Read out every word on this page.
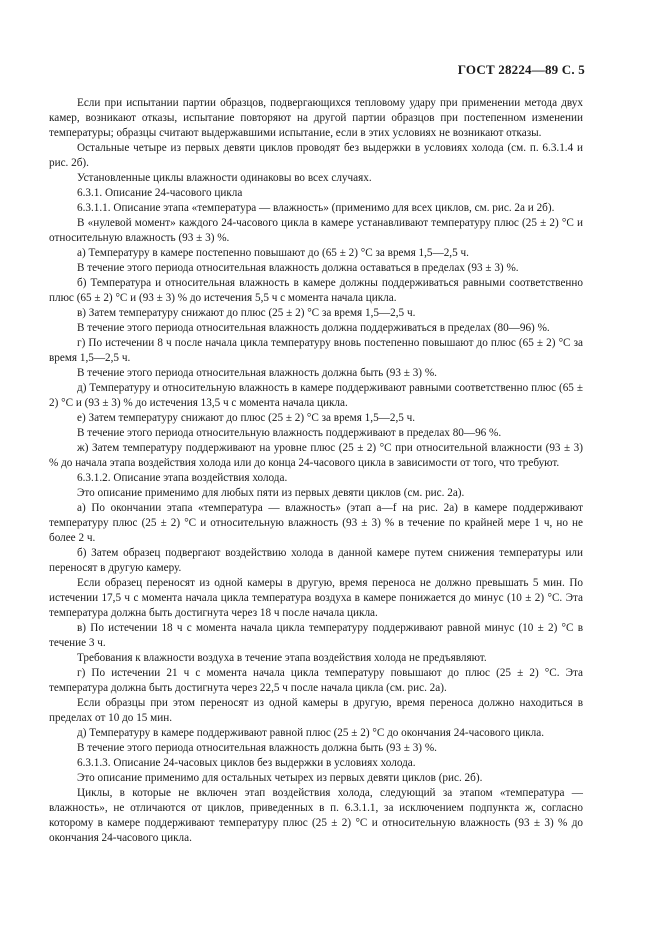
ГОСТ 28224—89 С. 5

Если при испытании партии образцов, подвергающихся тепловому удару при применении метода двух камер, возникают отказы, испытание повторяют на другой партии образцов при постепенном изменении температуры; образцы считают выдержавшими испытание, если в этих условиях не возникают отказы.

Остальные четыре из первых девяти циклов проводят без выдержки в условиях холода (см. п. 6.3.1.4 и рис. 2б).

Установленные циклы влажности одинаковы во всех случаях.

6.3.1. Описание 24-часового цикла

6.3.1.1. Описание этапа «температура — влажность» (применимо для всех циклов, см. рис. 2а и 2б).

В «нулевой момент» каждого 24-часового цикла в камере устанавливают температуру плюс (25 ± 2) °С и относительную влажность (93 ± 3) %.

а) Температуру в камере постепенно повышают до (65 ± 2) °С за время 1,5—2,5 ч.

В течение этого периода относительная влажность должна оставаться в пределах (93 ± 3) %.

б) Температура и относительная влажность в камере должны поддерживаться равными соответственно плюс (65 ± 2) °С и (93 ± 3) % до истечения 5,5 ч с момента начала цикла.

в) Затем температуру снижают до плюс (25 ± 2) °С за время 1,5—2,5 ч.

В течение этого периода относительная влажность должна поддерживаться в пределах (80—96) %.

г) По истечении 8 ч после начала цикла температуру вновь постепенно повышают до плюс (65 ± 2) °С за время 1,5—2,5 ч.

В течение этого периода относительная влажность должна быть (93 ± 3) %.

д) Температуру и относительную влажность в камере поддерживают равными соответственно плюс (65 ± 2) °С и (93 ± 3) % до истечения 13,5 ч с момента начала цикла.

е) Затем температуру снижают до плюс (25 ± 2) °С за время 1,5—2,5 ч.

В течение этого периода относительную влажность поддерживают в пределах 80—96 %.

ж) Затем температуру поддерживают на уровне плюс (25 ± 2) °С при относительной влажности (93 ± 3) % до начала этапа воздействия холода или до конца 24-часового цикла в зависимости от того, что требуют.

6.3.1.2. Описание этапа воздействия холода.

Это описание применимо для любых пяти из первых девяти циклов (см. рис. 2а).

а) По окончании этапа «температура — влажность» (этап a—f на рис. 2а) в камере поддерживают температуру плюс (25 ± 2) °С и относительную влажность (93 ± 3) % в течение по крайней мере 1 ч, но не более 2 ч.

б) Затем образец подвергают воздействию холода в данной камере путем снижения температуры или переносят в другую камеру.

Если образец переносят из одной камеры в другую, время переноса не должно превышать 5 мин. По истечении 17,5 ч с момента начала цикла температура воздуха в камере понижается до минус (10 ± 2) °С. Эта температура должна быть достигнута через 18 ч после начала цикла.

в) По истечении 18 ч с момента начала цикла температуру поддерживают равной минус (10 ± 2) °С в течение 3 ч.

Требования к влажности воздуха в течение этапа воздействия холода не предъявляют.

г) По истечении 21 ч с момента начала цикла температуру повышают до плюс (25 ± 2) °С. Эта температура должна быть достигнута через 22,5 ч после начала цикла (см. рис. 2а).

Если образцы при этом переносят из одной камеры в другую, время переноса должно находиться в пределах от 10 до 15 мин.

д) Температуру в камере поддерживают равной плюс (25 ± 2) °С до окончания 24-часового цикла.

В течение этого периода относительная влажность должна быть (93 ± 3) %.

6.3.1.3. Описание 24-часовых циклов без выдержки в условиях холода.

Это описание применимо для остальных четырех из первых девяти циклов (рис. 2б).

Циклы, в которые не включен этап воздействия холода, следующий за этапом «температура — влажность», не отличаются от циклов, приведенных в п. 6.3.1.1, за исключением подпункта ж, согласно которому в камере поддерживают температуру плюс (25 ± 2) °С и относительную влажность (93 ± 3) % до окончания 24-часового цикла.
